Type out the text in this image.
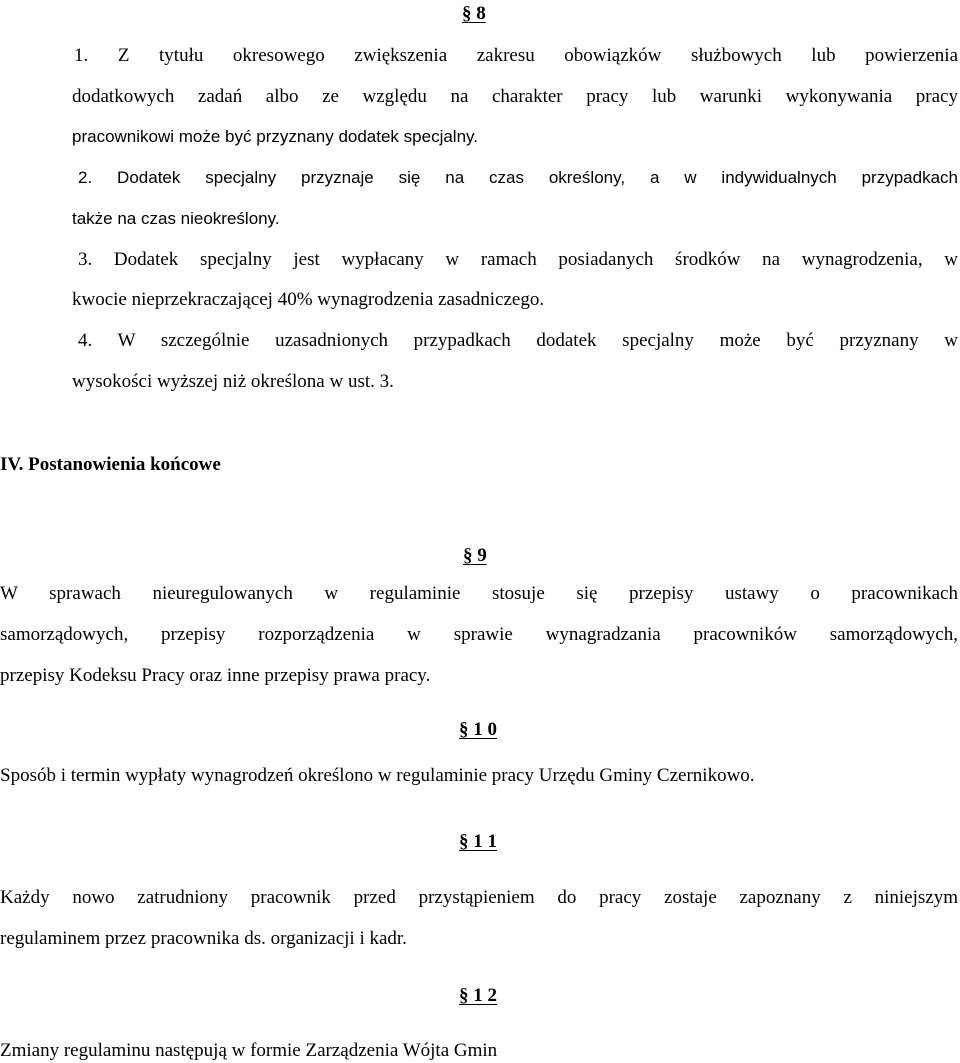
§ 8
1. Z tytułu okresowego zwiększenia zakresu obowiązków służbowych lub powierzenia
dodatkowych zadań albo ze względu na charakter pracy lub warunki wykonywania pracy
pracownikowi może być przyznany dodatek specjalny.
2. Dodatek specjalny przyznaje się na czas określony, a w indywidualnych przypadkach
także na czas nieokreślony.
3. Dodatek specjalny jest wypłacany w ramach posiadanych środków na wynagrodzenia, w
kwocie nieprzekraczającej 40% wynagrodzenia zasadniczego.
4. W szczególnie uzasadnionych przypadkach dodatek specjalny może być przyznany w
wysokości wyższej niż określona w ust. 3.
IV. Postanowienia końcowe
§ 9
W sprawach nieuregulowanych w regulaminie stosuje się przepisy ustawy o pracownikach
samorządowych, przepisy rozporządzenia w sprawie wynagradzania pracowników samorządowych,
przepisy Kodeksu Pracy oraz inne przepisy prawa pracy.
§ 1 0
Sposób i termin wypłaty wynagrodzeń określono w regulaminie pracy Urzędu Gminy Czernikowo.
§ 1 1
Każdy nowo zatrudniony pracownik przed przystąpieniem do pracy zostaje zapoznany z niniejszym
regulaminem przez pracownika ds. organizacji i kadr.
§ 1 2
Zmiany regulaminu następują w formie Zarządzenia Wójta Gmin
